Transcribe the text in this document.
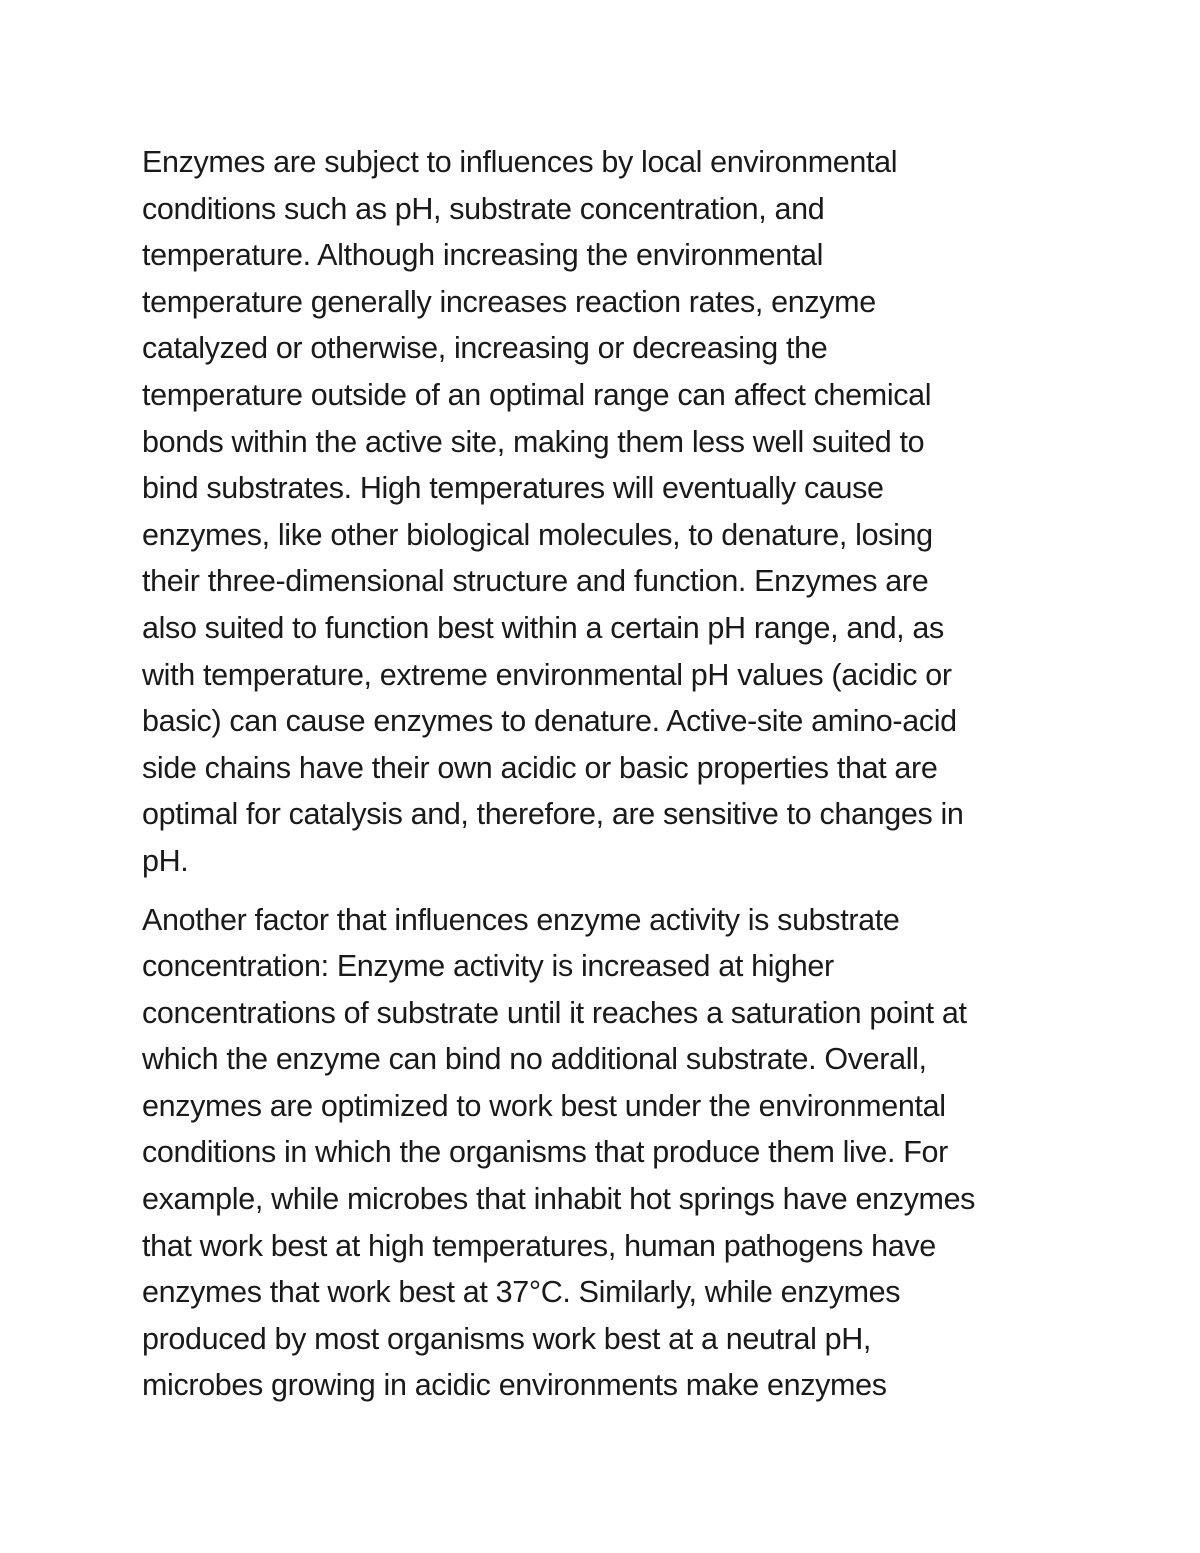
Enzymes are subject to influences by local environmental
conditions such as pH, substrate concentration, and
temperature. Although increasing the environmental
temperature generally increases reaction rates, enzyme
catalyzed or otherwise, increasing or decreasing the
temperature outside of an optimal range can affect chemical
bonds within the active site, making them less well suited to
bind substrates. High temperatures will eventually cause
enzymes, like other biological molecules, to denature, losing
their three-dimensional structure and function. Enzymes are
also suited to function best within a certain pH range, and, as
with temperature, extreme environmental pH values (acidic or
basic) can cause enzymes to denature. Active-site amino-acid
side chains have their own acidic or basic properties that are
optimal for catalysis and, therefore, are sensitive to changes in
pH.

Another factor that influences enzyme activity is substrate
concentration: Enzyme activity is increased at higher
concentrations of substrate until it reaches a saturation point at
which the enzyme can bind no additional substrate. Overall,
enzymes are optimized to work best under the environmental
conditions in which the organisms that produce them live. For
example, while microbes that inhabit hot springs have enzymes
that work best at high temperatures, human pathogens have
enzymes that work best at 37°C. Similarly, while enzymes
produced by most organisms work best at a neutral pH,
microbes growing in acidic environments make enzymes
